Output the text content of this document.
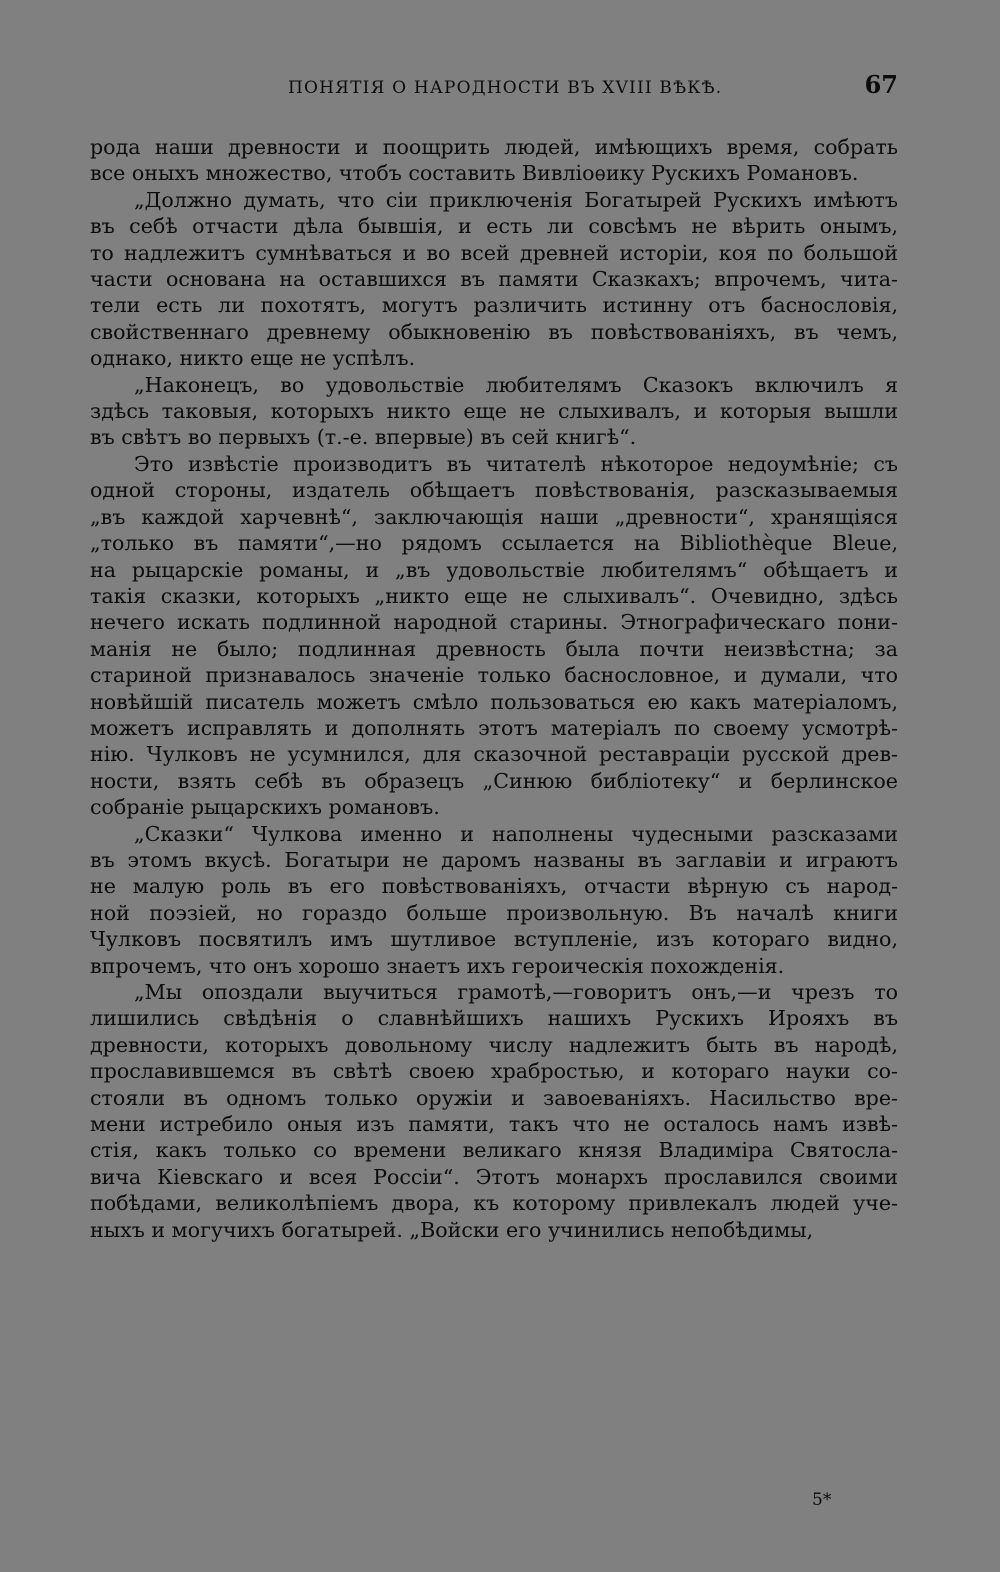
ПОНЯТІЯ О НАРОДНОСТИ ВЪ XVIII ВѢКѢ.	67
рода наши древности и поощрить людей, имѣющихъ время, собрать
все оныхъ множество, чтобъ составить Вивліоѳику Рускихъ Романовъ.
„Должно думать, что сіи приключенія Богатырей Рускихъ имѣютъ
въ себѣ отчасти дѣла бывшія, и есть ли совсѣмъ не вѣрить онымъ,
то надлежитъ сумнѣваться и во всей древней исторіи, коя по большой
части основана на оставшихся въ памяти Сказкахъ; впрочемъ, чита-
тели есть ли похотятъ, могутъ различить истинну отъ баснословія,
свойственнаго древнему обыкновенію въ повѣствованіяхъ, въ чемъ,
однако, никто еще не успѣлъ.
„Наконецъ, во удовольствіе любителямъ Сказокъ включилъ я
здѣсь таковыя, которыхъ никто еще не слыхивалъ, и которыя вышли
въ свѣтъ во первыхъ (т.-е. впервые) въ сей книгѣ“.
Это извѣстіе производитъ въ читателѣ нѣкоторое недоумѣніе; съ
одной стороны, издатель обѣщаетъ повѣствованія, разсказываемыя
„въ каждой харчевнѣ“, заключающія наши „древности“, хранящіяся
„только въ памяти“,—но рядомъ ссылается на Bibliothèque Bleue,
на рыцарскіе романы, и „въ удовольствіе любителямъ“ обѣщаетъ и
такія сказки, которыхъ „никто еще не слыхивалъ“. Очевидно, здѣсь
нечего искать подлинной народной старины. Этнографическаго пони-
манія не было; подлинная древность была почти неизвѣстна; за
стариной признавалось значеніе только баснословное, и думали, что
новѣйшій писатель можетъ смѣло пользоваться ею какъ матеріаломъ,
можетъ исправлять и дополнять этотъ матеріалъ по своему усмотрѣ-
нію. Чулковъ не усумнился, для сказочной реставраціи русской древ-
ности, взять себѣ въ образецъ „Синюю библіотеку“ и берлинское
собраніе рыцарскихъ романовъ.
„Сказки“ Чулкова именно и наполнены чудесными разсказами
въ этомъ вкусѣ. Богатыри не даромъ названы въ заглавіи и играютъ
не малую роль въ его повѣствованіяхъ, отчасти вѣрную съ народ-
ной поэзіей, но гораздо больше произвольную. Въ началѣ книги
Чулковъ посвятилъ имъ шутливое вступленіе, изъ котораго видно,
впрочемъ, что онъ хорошо знаетъ ихъ героическія похожденія.
„Мы опоздали выучиться грамотѣ,—говоритъ онъ,—и чрезъ то
лишились свѣдѣнія о славнѣйшихъ нашихъ Рускихъ Ирояхъ въ
древности, которыхъ довольному числу надлежитъ быть въ народѣ,
прославившемся въ свѣтѣ своею храбростью, и котораго науки со-
стояли въ одномъ только оружіи и завоеваніяхъ. Насильство вре-
мени истребило оныя изъ памяти, такъ что не осталось намъ извѣ-
стія, какъ только со времени великаго князя Владиміра Святосла-
вича Кіевскаго и всея Россіи“. Этотъ монархъ прославился своими
побѣдами, великолѣпіемъ двора, къ которому привлекалъ людей уче-
ныхъ и могучихъ богатырей. „Войски его учинились непобѣдимы,
5*
